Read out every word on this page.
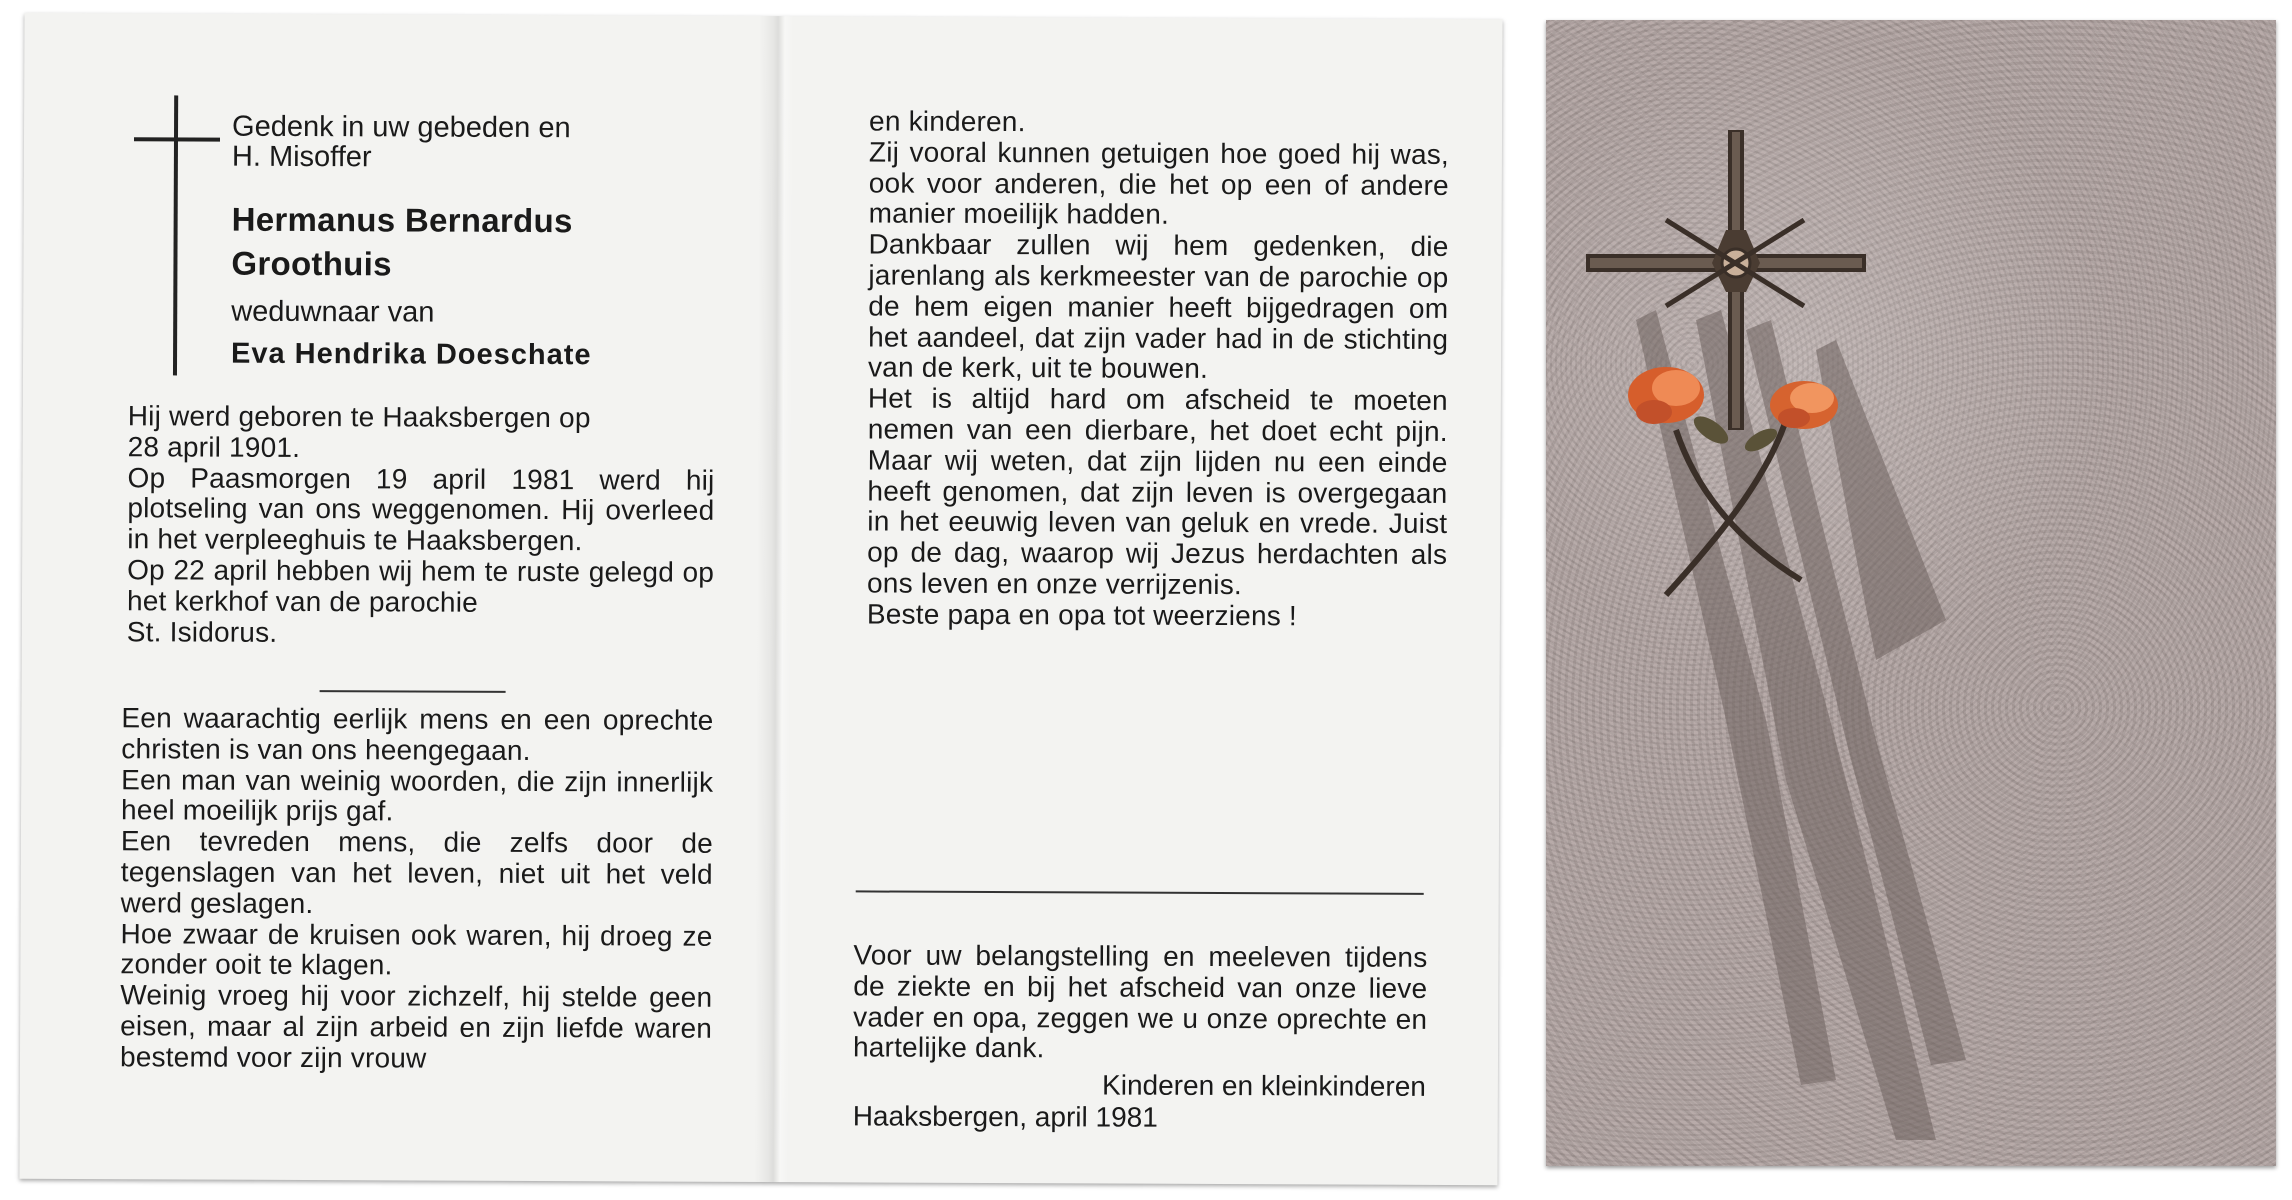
Gedenk in uw gebeden en
H. Misoffer
Hermanus Bernardus
Groothuis
weduwnaar van
Eva Hendrika Doeschate
Hij werd geboren te Haaksbergen op
28 april 1901.
Op Paasmorgen 19 april 1981 werd hij plotseling van ons weggenomen. Hij overleed in het verpleeghuis te Haaksbergen.
Op 22 april hebben wij hem te ruste gelegd op het kerkhof van de parochie
St. Isidorus.
Een waarachtig eerlijk mens en een oprechte christen is van ons heengegaan.
Een man van weinig woorden, die zijn innerlijk heel moeilijk prijs gaf.
Een tevreden mens, die zelfs door de tegenslagen van het leven, niet uit het veld werd geslagen.
Hoe zwaar de kruisen ook waren, hij droeg ze zonder ooit te klagen.
Weinig vroeg hij voor zichzelf, hij stelde geen eisen, maar al zijn arbeid en zijn liefde waren bestemd voor zijn vrouw
en kinderen.
Zij vooral kunnen getuigen hoe goed hij was, ook voor anderen, die het op een of andere manier moeilijk hadden.
Dankbaar zullen wij hem gedenken, die jarenlang als kerkmeester van de parochie op de hem eigen manier heeft bijgedragen om het aandeel, dat zijn vader had in de stichting van de kerk, uit te bouwen.
Het is altijd hard om afscheid te moeten nemen van een dierbare, het doet echt pijn. Maar wij weten, dat zijn lijden nu een einde heeft genomen, dat zijn leven is overgegaan in het eeuwig leven van geluk en vrede. Juist op de dag, waarop wij Jezus herdachten als ons leven en onze verrijzenis.
Beste papa en opa tot weerziens !
Voor uw belangstelling en meeleven tijdens de ziekte en bij het afscheid van onze lieve vader en opa, zeggen we u onze oprechte en hartelijke dank.
Kinderen en kleinkinderen
Haaksbergen, april 1981
